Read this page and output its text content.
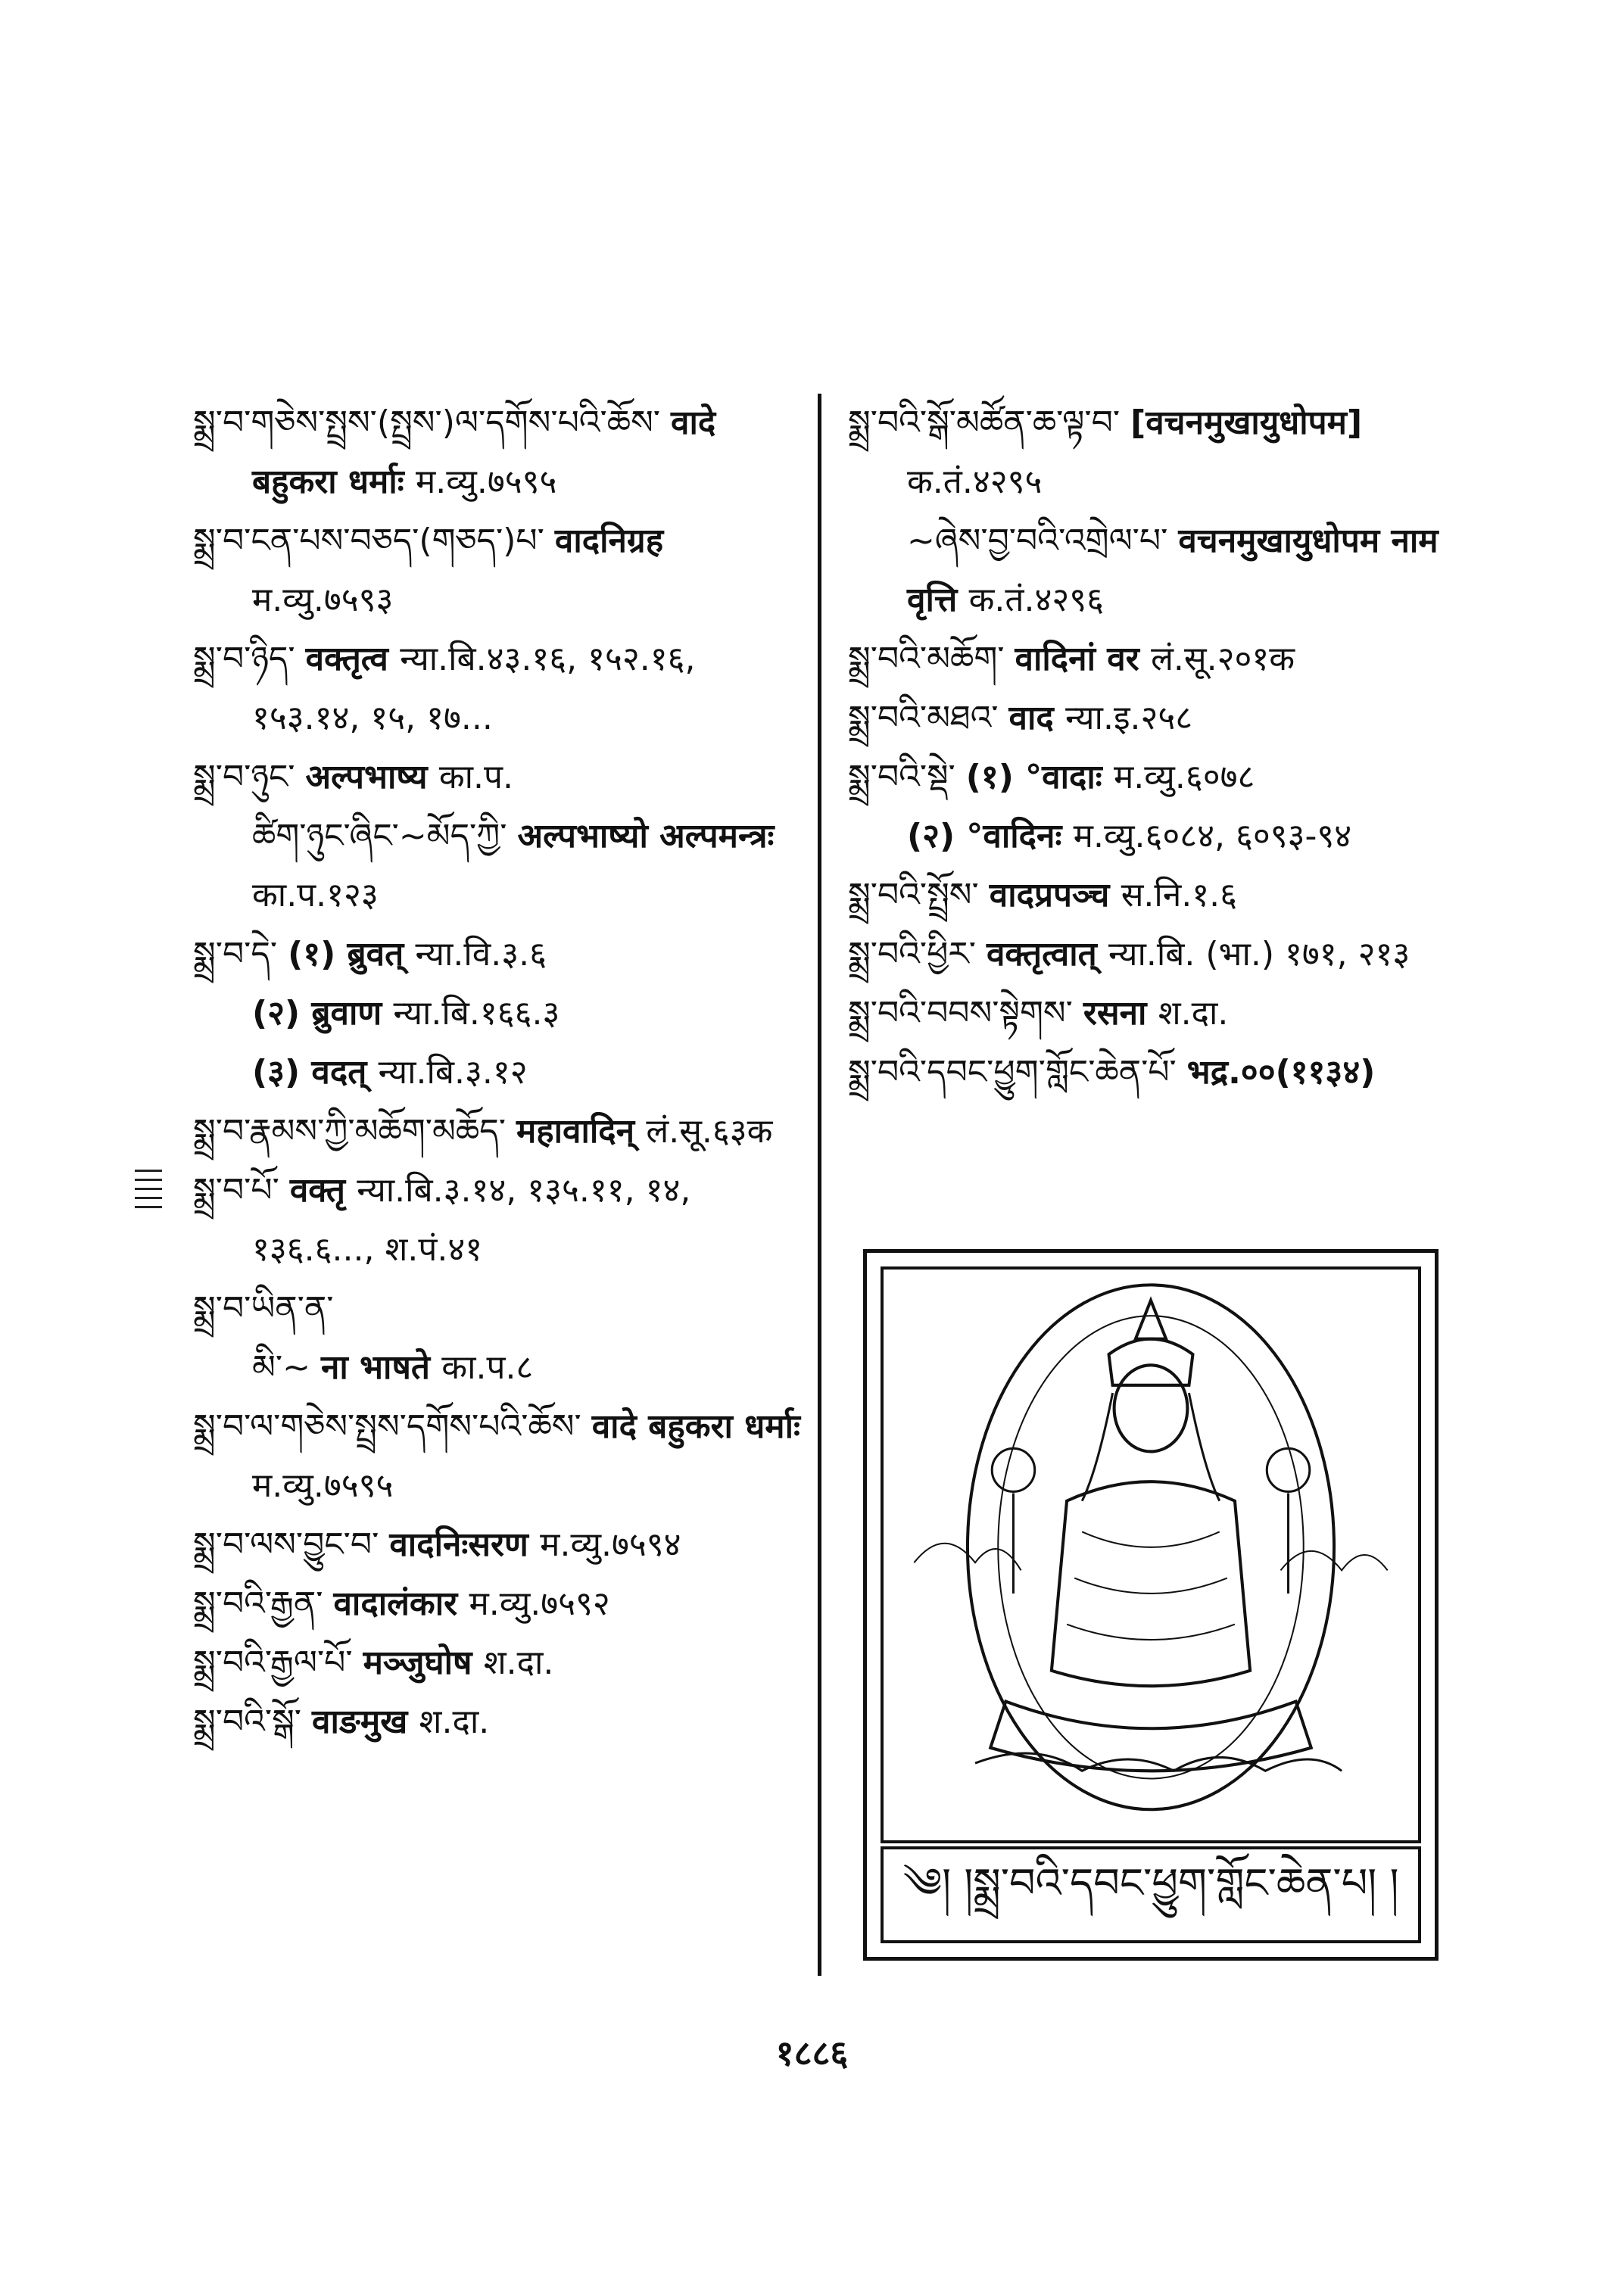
སྨྲ་བ་གཅེས་སྤྲས་(སྤྲས་)ལ་དགོས་པའི་ཆོས་ वादे बहुकरा धर्माः म.व्यु.७५९५
སྨྲ་བ་ངན་པས་བཅད་(གཅད་)པ་ वादनिग्रह म.व्यु.७५९३
སྨྲ་བ་ཉིད་ वक्तृत्व न्या.बि.४३.१६, १५२.१६, १५३.१४, १५, १७...
སྨྲ་བ་ཉུང་ अल्पभाष्य का.प.
ཚིག་ཉུང་ཞིང་~མོད་ཀྱི་ अल्पभाष्यो अल्पमन्त्रः का.प.१२३
སྨྲ་བ་དེ་ (१) ब्रुवत् न्या.वि.३.६
(२) ब्रुवाण न्या.बि.१६६.३
(३) वदत् न्या.बि.३.१२
སྨྲ་བ་རྣམས་ཀྱི་མཆོག་མཆོད་ महावादिन् लं.सू.६३क
སྨྲ་བ་པོ་ वक्तृ न्या.बि.३.१४, १३५.११, १४, १३६.६..., श.पं.४१
སྨྲ་བ་ཡིན་ན་
མི་~ ना भाषते का.प.८
སྨྲ་བ་ལ་གཅེས་སྤྲས་དགོས་པའི་ཆོས་ वादे बहुकरा धर्माः म.व्यु.७५९५
སྨྲ་བ་ལས་བྱུང་བ་ वादनिःसरण म.व्यु.७५९४
སྨྲ་བའི་རྒྱན་ वादालंकार म.व्यु.७५९२
སྨྲ་བའི་རྒྱལ་པོ་ मञ्जुघोष श.दा.
སྨྲ་བའི་སྒོ་ वाङमुख श.दा.
སྨྲ་བའི་སྒོ་མཚོན་ཆ་ལྟ་བ་ [वचनमुखायुधोपम] क.तं.४२९५
~ཞེས་བྱ་བའི་འགྲེལ་པ་ वचनमुखायुधोपम नाम वृत्ति क.तं.४२९६
སྨྲ་བའི་མཆོག་ वादिनां वर लं.सू.२०१क
སྨྲ་བའི་མཐའ་ वाद न्या.इ.२५८
སྨྲ་བའི་སྡེ་ (१) °वादाः म.व्यु.६०७८
(२) °वादिनः म.व्यु.६०८४, ६०९३-९४
སྨྲ་བའི་སྤྲོས་ वादप्रपञ्च स.नि.१.६
སྨྲ་བའི་ཕྱིར་ वक्तृत्वात् न्या.बि. (भा.) १७१, २१३
སྨྲ་བའི་བབས་སྟེགས་ रसना श.दा.
སྨྲ་བའི་དབང་ཕྱུག་གློང་ཆེན་པོ་ भद्र.००(११३४)
༄། །སྨྲ་བའི་དབང་ཕྱུག་གློང་ཆེན་པ། །
१८८६
